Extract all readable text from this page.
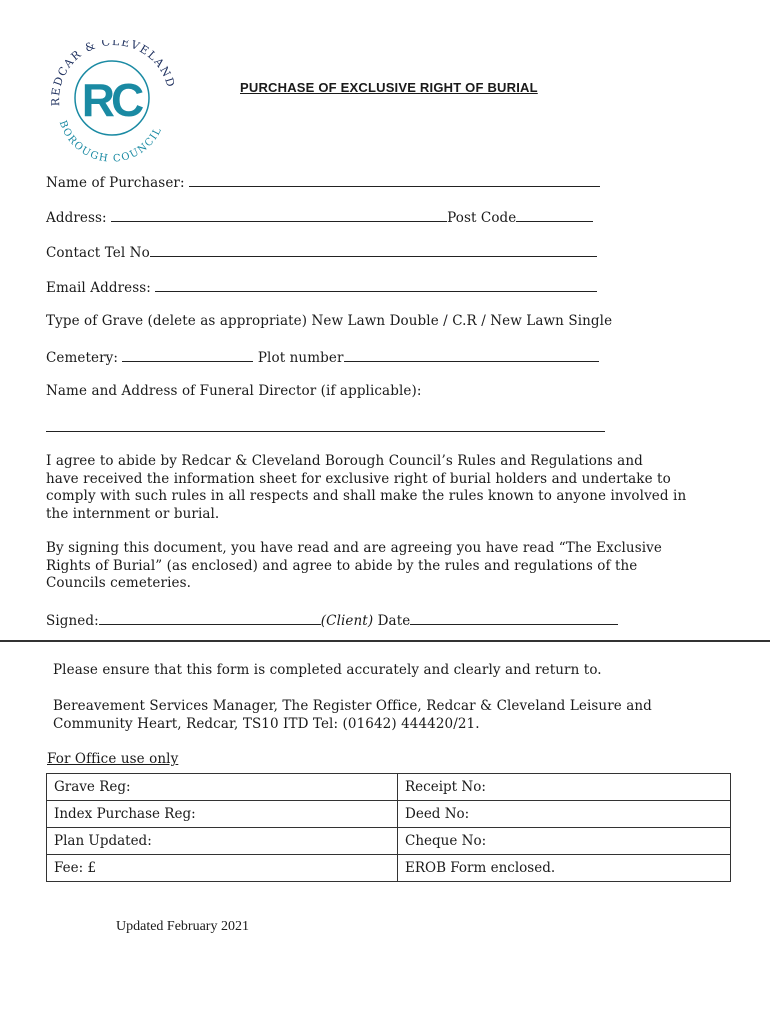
REDCAR & CLEVELAN
BOROUGH COUNCIL
RC	PURCHASE OF EXCLUSIVE RIGHT OF BURIAL
Name of Purchaser:
Address:	Post Code
Contact Tel No
Email Address:
Type of Grave (delete as appropriate) New Lawn Double / C.R / New Lawn Single
Cemetery:	Plot number
Name and Address of Funeral Director (if applicable):
I agree to abide by Redcar & Cleveland Borough Council’s Rules and Regulations and
have received the information sheet for exclusive right of burial holders and undertake to
comply with such rules in all respects and shall make the rules known to anyone involved in
the internment or burial.
By signing this document, you have read and are agreeing you have read “The Exclusive
Rights of Burial” (as enclosed) and agree to abide by the rules and regulations of the
Councils cemeteries.
Signed:	(Client) Date
Please ensure that this form is completed accurately and clearly and return to.
Bereavement Services Manager, The Register Office, Redcar & Cleveland Leisure and
Community Heart, Redcar, TS10 ITD Tel: (01642) 444420/21.
For Office use only
Grave Reg:	Receipt No:
Index Purchase Reg:	Deed No:
Plan Updated:	Cheque No:
Fee: £	EROB Form enclosed.
Updated February 2021
